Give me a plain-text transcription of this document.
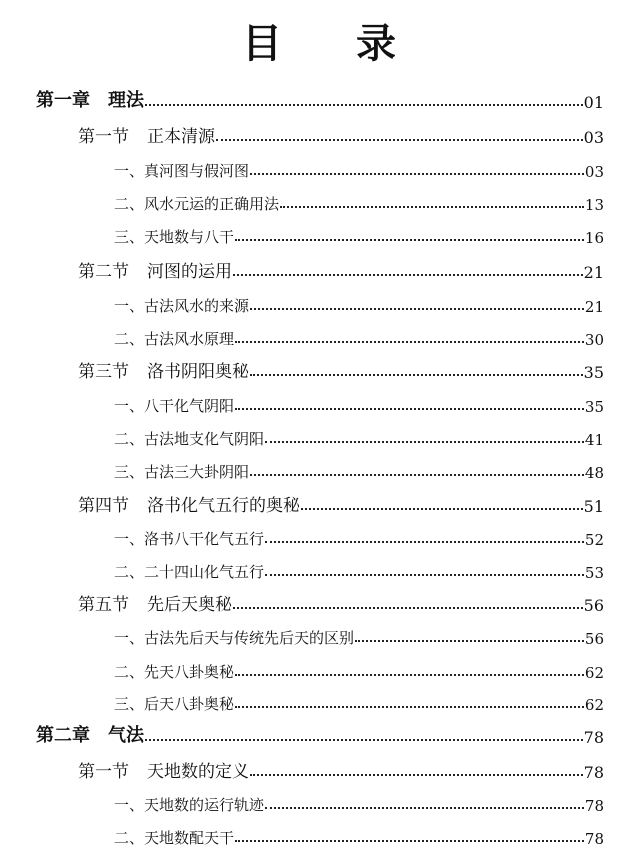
目 录
第一章 理法	01
第一节 正本清源	03
一、真河图与假河图	03
二、风水元运的正确用法	13
三、天地数与八干	16
第二节 河图的运用	21
一、古法风水的来源	21
二、古法风水原理	30
第三节 洛书阴阳奥秘	35
一、八干化气阴阳	35
二、古法地支化气阴阳	41
三、古法三大卦阴阳	48
第四节 洛书化气五行的奥秘	51
一、洛书八干化气五行	52
二、二十四山化气五行	53
第五节 先后天奥秘	56
一、古法先后天与传统先后天的区别	56
二、先天八卦奥秘	62
三、后天八卦奥秘	62
第二章 气法	78
第一节 天地数的定义	78
一、天地数的运行轨迹	78
二、天地数配天干	78
